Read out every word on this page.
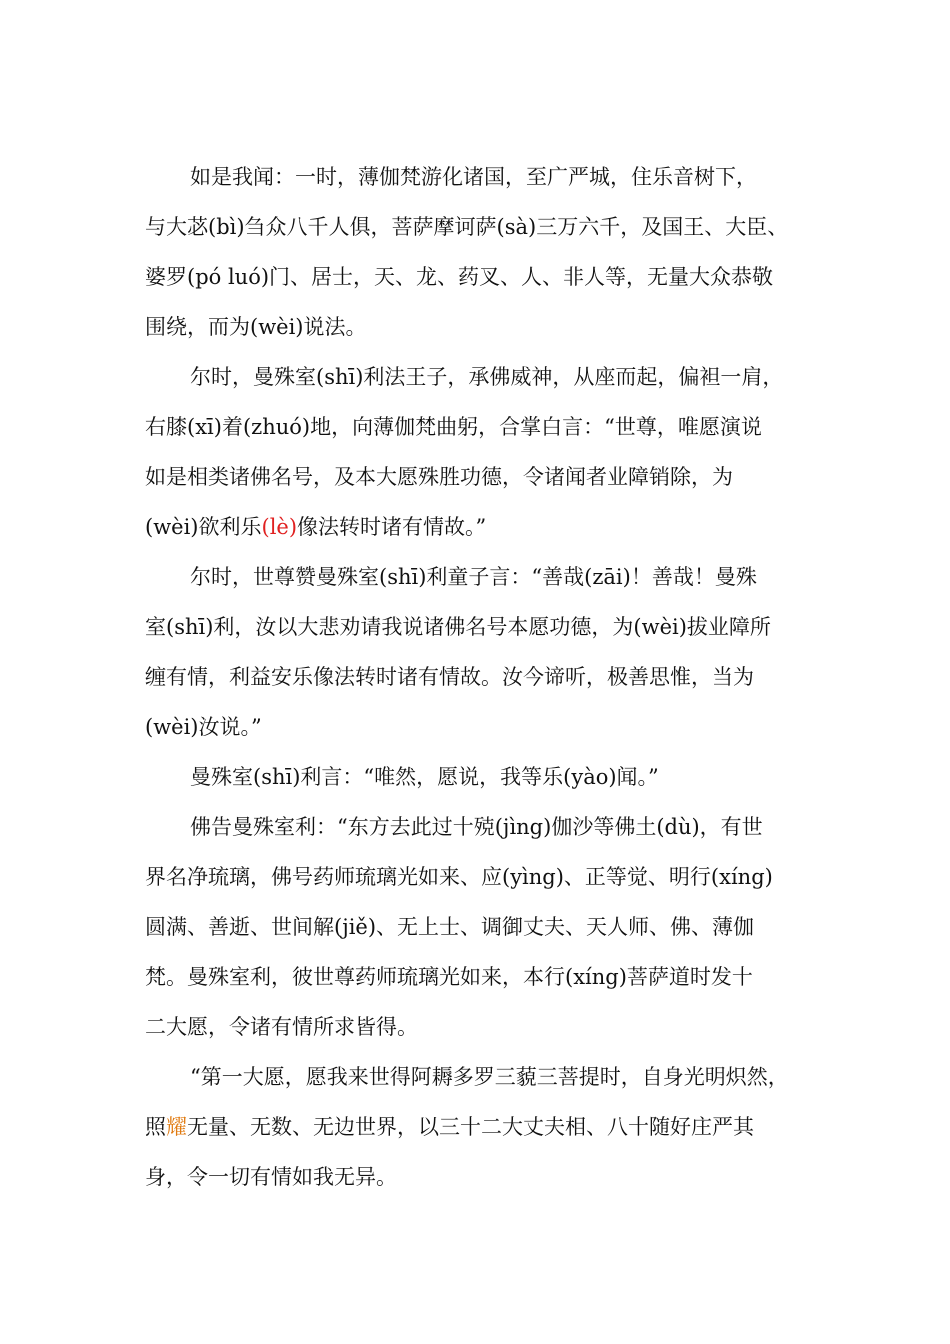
如是我闻：一时，薄伽梵游化诸国，至广严城，住乐音树下，
与大苾(bì)刍众八千人俱，菩萨摩诃萨(sà)三万六千，及国王、大臣、
婆罗(pó luó)门、居士，天、龙、药叉、人、非人等，无量大众恭敬
围绕，而为(wèi)说法。
尔时，曼殊室(shī)利法王子，承佛威神，从座而起，偏袒一肩，
右膝(xī)着(zhuó)地，向薄伽梵曲躬，合掌白言：“世尊，唯愿演说
如是相类诸佛名号，及本大愿殊胜功德，令诸闻者业障销除，为
(wèi)欲利乐(lè)像法转时诸有情故。”
尔时，世尊赞曼殊室(shī)利童子言：“善哉(zāi)！善哉！曼殊
室(shī)利，汝以大悲劝请我说诸佛名号本愿功德，为(wèi)拔业障所
缠有情，利益安乐像法转时诸有情故。汝今谛听，极善思惟，当为
(wèi)汝说。”
曼殊室(shī)利言：“唯然，愿说，我等乐(yào)闻。”
佛告曼殊室利：“东方去此过十殑(jìng)伽沙等佛土(dù)，有世
界名净琉璃，佛号药师琉璃光如来、应(yìng)、正等觉、明行(xíng)
圆满、善逝、世间解(jiě)、无上士、调御丈夫、天人师、佛、薄伽
梵。曼殊室利，彼世尊药师琉璃光如来，本行(xíng)菩萨道时发十
二大愿，令诸有情所求皆得。
“第一大愿，愿我来世得阿耨多罗三藐三菩提时，自身光明炽然，
照耀无量、无数、无边世界，以三十二大丈夫相、八十随好庄严其
身，令一切有情如我无异。
